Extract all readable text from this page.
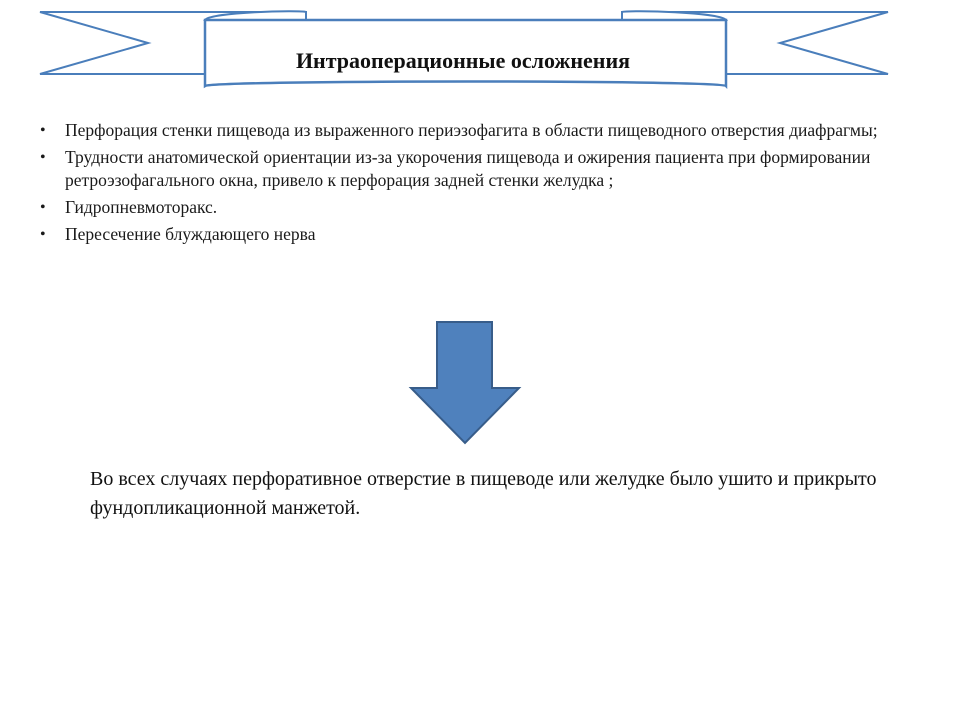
Интраоперационные осложнения
• Перфорация стенки пищевода из выраженного периэзофагита в области пищеводного отверстия диафрагмы;
• Трудности анатомической ориентации из-за укорочения пищевода и ожирения пациента при формировании ретроэзофагального окна, привело к перфорация задней стенки желудка ;
• Гидропневмоторакс.
• Пересечение блуждающего нерва
Во всех случаях перфоративное отверстие в пищеводе или желудке было ушито и прикрыто фундопликационной манжетой.
